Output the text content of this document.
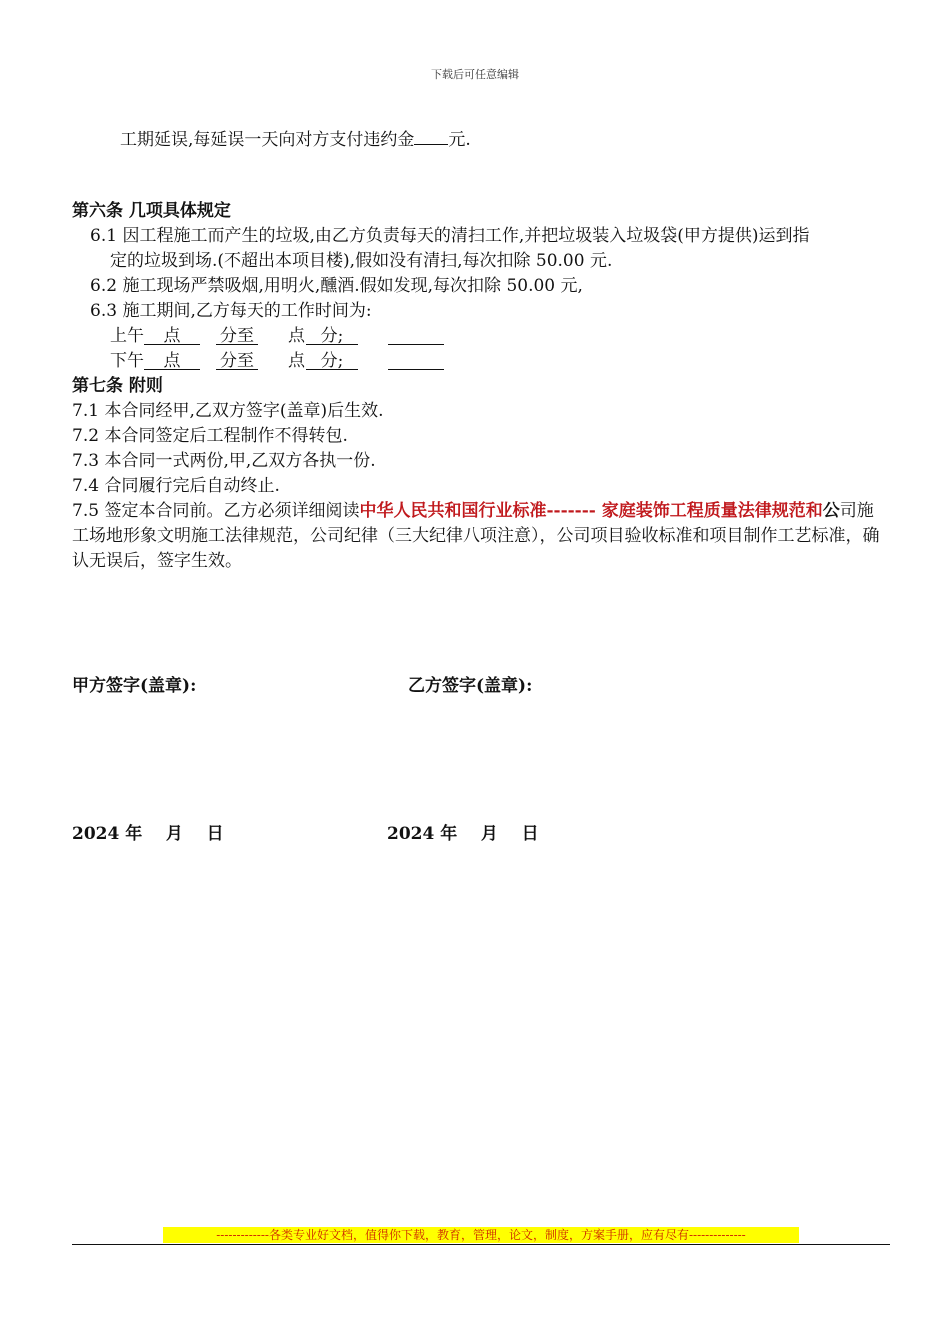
下载后可任意编辑
工期延误,每延误一天向对方支付违约金 元.
第六条 几项具体规定
6.1 因工程施工而产生的垃圾,由乙方负责每天的清扫工作,并把垃圾装入垃圾袋(甲方提供)运到指
定的垃圾到场.(不超出本项目楼),假如没有清扫,每次扣除 50.00 元.
6.2 施工现场严禁吸烟,用明火,醺酒.假如发现,每次扣除 50.00 元,
6.3 施工期间,乙方每天的工作时间为:
上午	点	分至 点 分;
下午	点	分至 点 分;
第七条 附则
7.1 本合同经甲,乙双方签字(盖章)后生效.
7.2 本合同签定后工程制作不得转包.
7.3 本合同一式两份,甲,乙双方各执一份.
7.4 合同履行完后自动终止.
7.5 签定本合同前。乙方必须详细阅读中华人民共和国行业标准------- 家庭装饰工程质量法律规范和公司施工场地形象文明施工法律规范，公司纪律（三大纪律八项注意），公司项目验收标准和项目制作工艺标准，确认无误后，签字生效。
甲方签字(盖章):	乙方签字(盖章):
2024 年    月    日	2024 年    月    日
-------------各类专业好文档，值得你下载，教育，管理，论文，制度，方案手册，应有尽有--------------
